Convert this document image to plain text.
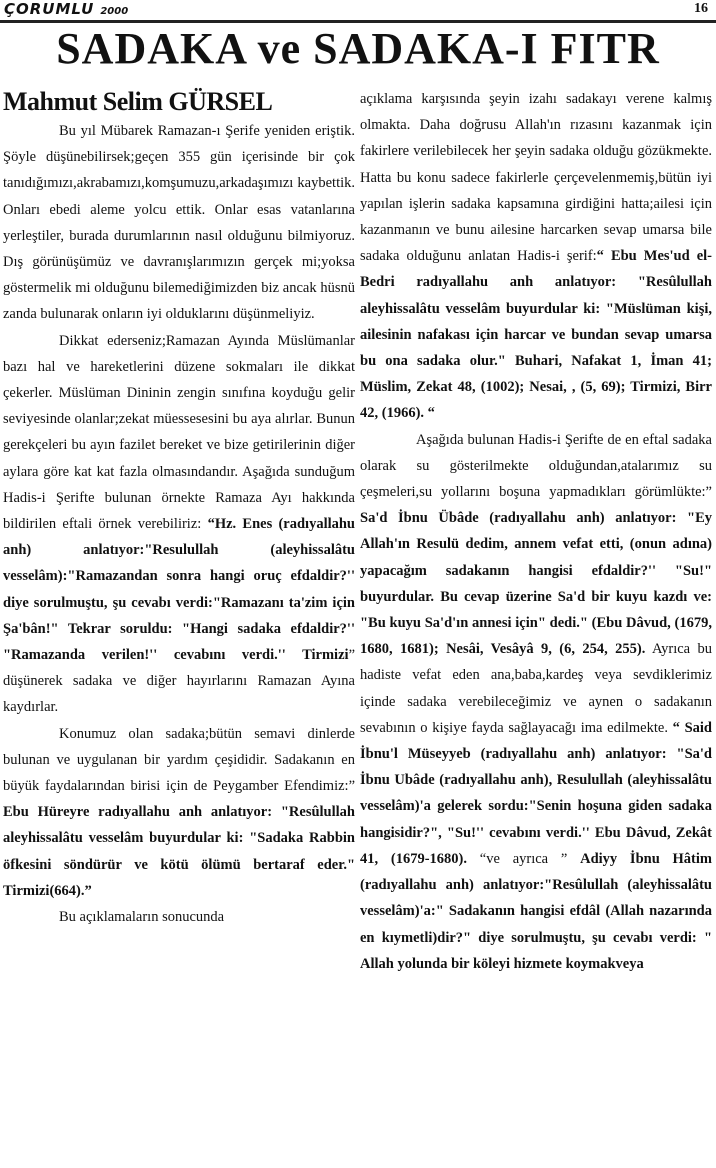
ÇORUMLU 2000	16
SADAKA ve SADAKA-I FITR
Mahmut Selim GÜRSEL

Bu yıl Mübarek Ramazan-ı Şerife yeniden eriştik. Şöyle düşünebilirsek;geçen 355 gün içerisinde bir çok tanıdığımızı,akrabamızı,komşumuzu,arkadaşımızı kaybettik. Onları ebedi aleme yolcu ettik. Onlar esas vatanlarına yerleştiler, burada durumlarının nasıl olduğunu bilmiyoruz. Dış görünüşümüz ve davranışlarımızın gerçek mi;yoksa göstermelik mi olduğunu bilemediğimizden biz ancak hüsnü zanda bulunarak onların iyi olduklarını düşünmeliyiz.

Dikkat ederseniz;Ramazan Ayında Müslümanlar bazı hal ve hareketlerini düzene sokmaları ile dikkat çekerler. Müslüman Dininin zengin sınıfına koyduğu gelir seviyesinde olanlar;zekat müessesesini bu aya alırlar. Bunun gerekçeleri bu ayın fazilet bereket ve bize getirilerinin diğer aylara göre kat kat fazla olmasındandır. Aşağıda sunduğum Hadis-i Şerifte bulunan örnekte Ramaza Ayı hakkında bildirilen eftali örnek verebiliriz: “Hz. Enes (radıyallahu anh) anlatıyor:"Resulullah (aleyhissalâtu vesselâm):"Ramazandan sonra hangi oruç efdaldir?'' diye sorulmuştu, şu cevabı verdi:"Ramazanı ta'zim için Şa'bân!" Tekrar soruldu: "Hangi sadaka efdaldir?'' "Ramazanda verilen!'' cevabını verdi.'' Tirmizi” düşünerek sadaka ve diğer hayırlarını Ramazan Ayına kaydırlar.

Konumuz olan sadaka;bütün semavi dinlerde bulunan ve uygulanan bir yardım çeşididir. Sadakanın en büyük faydalarından birisi için de Peygamber Efendimiz:” Ebu Hüreyre radıyallahu anh anlatıyor: "Resûlullah aleyhissalâtu vesselâm buyurdular ki: "Sadaka Rabbin öfkesini söndürür ve kötü ölümü bertaraf eder." Tirmizi(664).”

Bu açıklamaların sonucunda

açıklama karşısında şeyin izahı sadakayı verene kalmış olmakta. Daha doğrusu Allah'ın rızasını kazanmak için fakirlere verilebilecek her şeyin sadaka olduğu gözükmekte. Hatta bu konu sadece fakirlerle çerçevelenmemiş,bütün iyi yapılan işlerin sadaka kapsamına girdiğini hatta;ailesi için kazanmanın ve bunu ailesine harcarken sevap umarsa bile sadaka olduğunu anlatan Hadis-i şerif:“ Ebu Mes'ud el-Bedri radıyallahu anh anlatıyor: "Resûlullah aleyhissalâtu vesselâm buyurdular ki: "Müslüman kişi, ailesinin nafakası için harcar ve bundan sevap umarsa bu ona sadaka olur." Buhari, Nafakat 1, İman 41; Müslim, Zekat 48, (1002); Nesai, , (5, 69); Tirmizi, Birr 42, (1966). “

Aşağıda bulunan Hadis-i Şerifte de en eftal sadaka olarak su gösterilmekte olduğundan,atalarımız su çeşmeleri,su yollarını boşuna yapmadıkları görümlükte:” Sa'd İbnu Übâde (radıyallahu anh) anlatıyor: "Ey Allah'ın Resulü dedim, annem vefat etti, (onun adına) yapacağım sadakanın hangisi efdaldir?'' "Su!" buyurdular. Bu cevap üzerine Sa'd bir kuyu kazdı ve: "Bu kuyu Sa'd'ın annesi için" dedi." (Ebu Dâvud, (1679, 1680, 1681); Nesâi, Vesâyâ 9, (6, 254, 255). Ayrıca bu hadiste vefat eden ana,baba,kardeş veya sevdiklerimiz içinde sadaka verebileceğimiz ve aynen o sadakanın sevabının o kişiye fayda sağlayacağı ima edilmekte. “ Said İbnu'l Müseyyeb (radıyallahu anh) anlatıyor: "Sa'd İbnu Ubâde (radıyallahu anh), Resulullah (aleyhissalâtu vesselâm)'a gelerek sordu:"Senin hoşuna giden sadaka hangisidir?", "Su!'' cevabını verdi.'' Ebu Dâvud, Zekât 41, (1679-1680). “ve ayrıca ” Adiyy İbnu Hâtim (radıyallahu anh) anlatıyor:"Resûlullah (aleyhissalâtu vesselâm)'a:" Sadakanın hangisi efdâl (Allah nazarında en kıymetli)dir?" diye sorulmuştu, şu cevabı verdi: " Allah yolunda bir köleyi hizmete koymakveya
